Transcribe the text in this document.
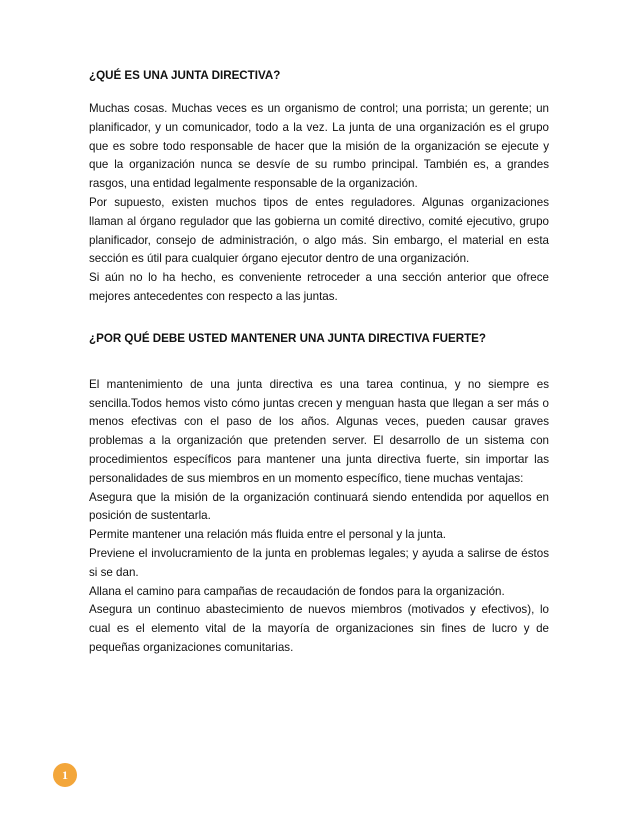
¿QUÉ ES UNA JUNTA DIRECTIVA?

Muchas cosas. Muchas veces es un organismo de control; una porrista; un gerente; un planificador, y un comunicador, todo a la vez. La junta de una organización es el grupo que es sobre todo responsable de hacer que la misión de la organización se ejecute y que la organización nunca se desvíe de su rumbo principal. También es, a grandes rasgos, una entidad legalmente responsable de la organización.

Por supuesto, existen muchos tipos de entes reguladores. Algunas organizaciones llaman al órgano regulador que las gobierna un comité directivo, comité ejecutivo, grupo planificador, consejo de administración, o algo más. Sin embargo, el material en esta sección es útil para cualquier órgano ejecutor dentro de una organización.

Si aún no lo ha hecho, es conveniente retroceder a una sección anterior que ofrece mejores antecedentes con respecto a las juntas.

¿POR QUÉ DEBE USTED MANTENER UNA JUNTA DIRECTIVA FUERTE?

El mantenimiento de una junta directiva es una tarea continua, y no siempre es sencilla.Todos hemos visto cómo juntas crecen y menguan hasta que llegan a ser más o menos efectivas con el paso de los años. Algunas veces, pueden causar graves problemas a la organización que pretenden server. El desarrollo de un sistema con procedimientos específicos para mantener una junta directiva fuerte, sin importar las personalidades de sus miembros en un momento específico, tiene muchas ventajas:

Asegura que la misión de la organización continuará siendo entendida por aquellos en posición de sustentarla.

Permite mantener una relación más fluida entre el personal y la junta.

Previene el involucramiento de la junta en problemas legales; y ayuda a salirse de éstos si se dan.

Allana el camino para campañas de recaudación de fondos para la organización.

Asegura un continuo abastecimiento de nuevos miembros (motivados y efectivos), lo cual es el elemento vital de la mayoría de organizaciones sin fines de lucro y de pequeñas organizaciones comunitarias.

1
